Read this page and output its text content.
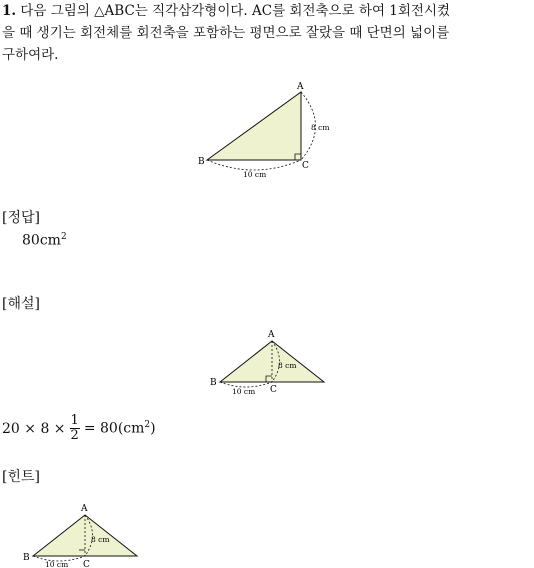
1. 다음 그림의 △ABC는 직각삼각형이다. AC를 회전축으로 하여 1회전시켰
을 때 생기는 회전체를 회전축을 포함하는 평면으로 잘랐을 때 단면의 넓이를
구하여라.
A
B	C
8 cm
10 cm
[정답]
$80cm^2$
[해설]
A
B
C
8 cm
10 cm
$20 \times 8 \times \frac{1}{2} = 80(cm^2)$
[힌트]
A
B
C
8 cm
10 cm
